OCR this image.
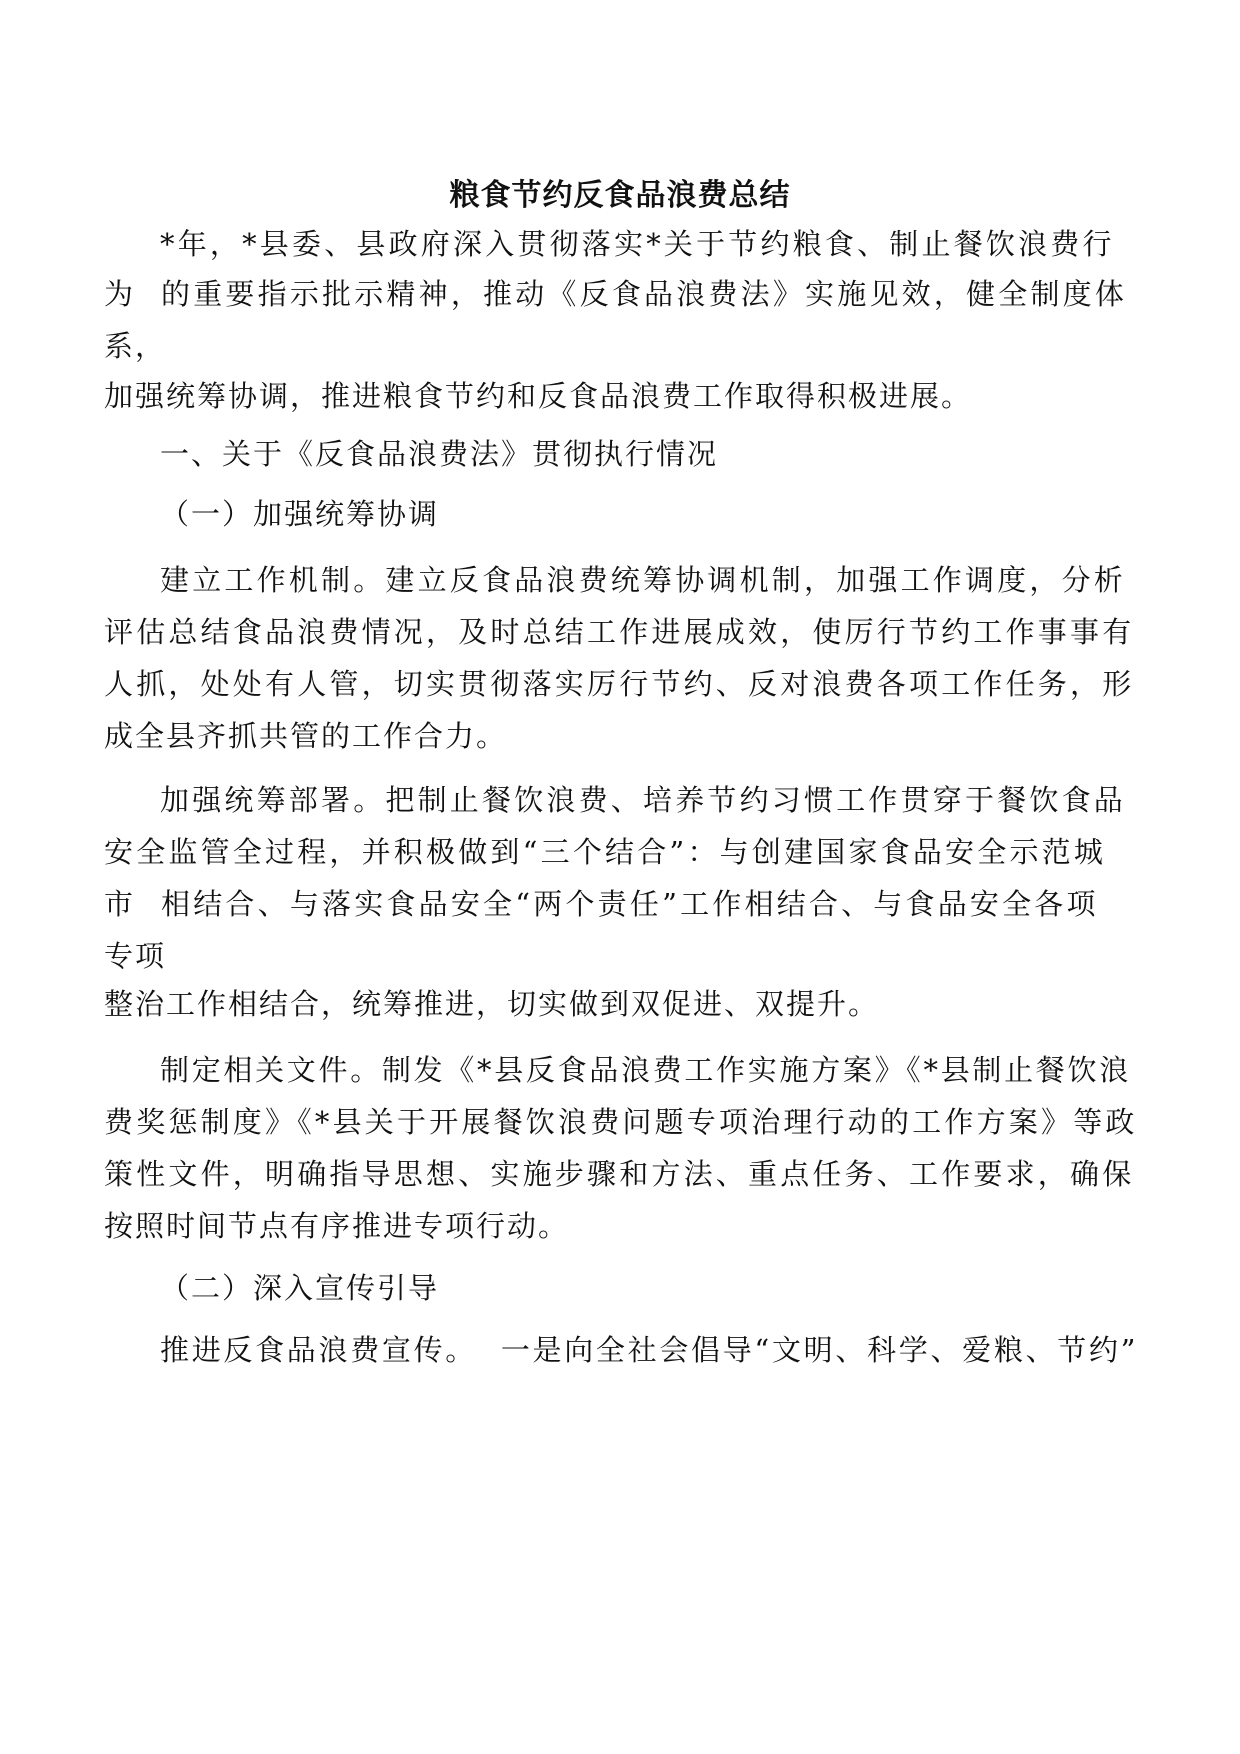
粮食节约反食品浪费总结
*年，*县委、县政府深入贯彻落实*关于节约粮食、制止餐饮浪费行
为  的重要指示批示精神，推动《反食品浪费法》实施见效，健全制度体
系，
加强统筹协调，推进粮食节约和反食品浪费工作取得积极进展。
一、关于《反食品浪费法》贯彻执行情况
（一）加强统筹协调
建立工作机制。建立反食品浪费统筹协调机制，加强工作调度，分析
评估总结食品浪费情况，及时总结工作进展成效，使厉行节约工作事事有
人抓，处处有人管，切实贯彻落实厉行节约、反对浪费各项工作任务，形
成全县齐抓共管的工作合力。
加强统筹部署。把制止餐饮浪费、培养节约习惯工作贯穿于餐饮食品
安全监管全过程，并积极做到“三个结合”：与创建国家食品安全示范城
市  相结合、与落实食品安全“两个责任”工作相结合、与食品安全各项
专项
整治工作相结合，统筹推进，切实做到双促进、双提升。
制定相关文件。制发《*县反食品浪费工作实施方案》《*县制止餐饮浪
费奖惩制度》《*县关于开展餐饮浪费问题专项治理行动的工作方案》等政
策性文件，明确指导思想、实施步骤和方法、重点任务、工作要求，确保
按照时间节点有序推进专项行动。
（二）深入宣传引导
推进反食品浪费宣传。  一是向全社会倡导“文明、科学、爱粮、节约”
